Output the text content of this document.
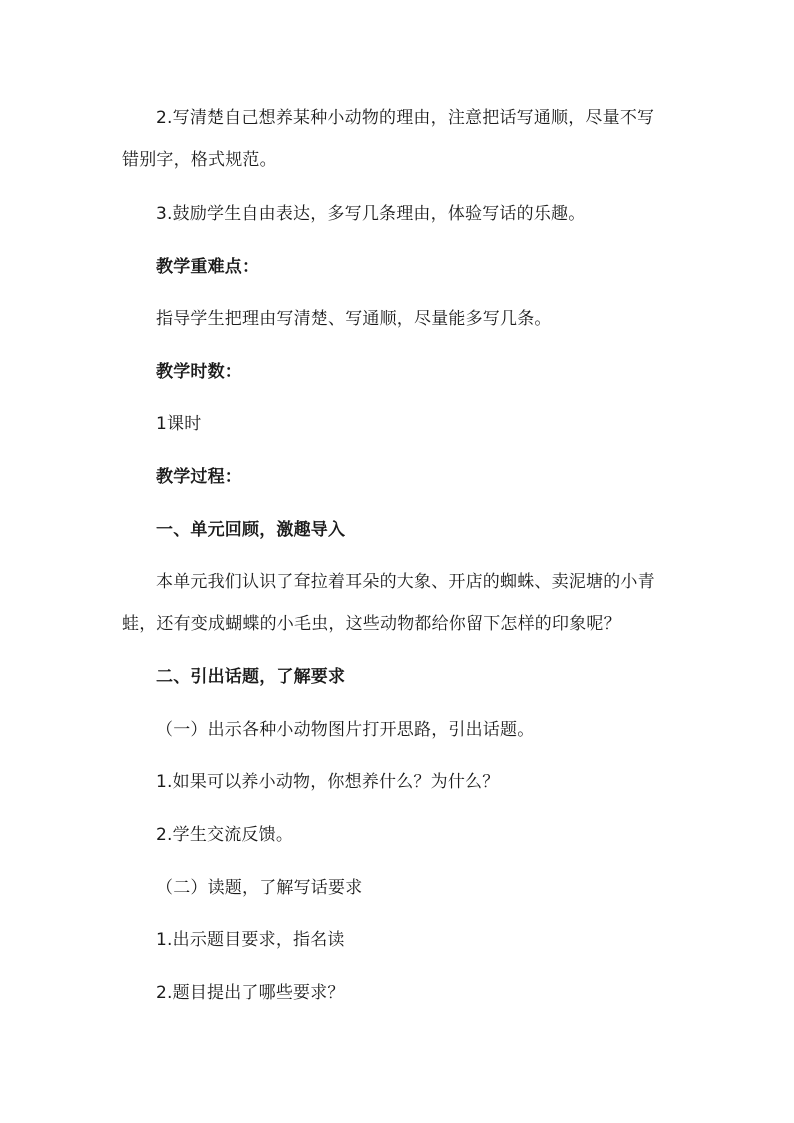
2.写清楚自己想养某种小动物的理由，注意把话写通顺，尽量不写
错别字，格式规范。
3.鼓励学生自由表达，多写几条理由，体验写话的乐趣。
教学重难点：
指导学生把理由写清楚、写通顺，尽量能多写几条。
教学时数：
1课时
教学过程：
一、单元回顾，激趣导入
本单元我们认识了耷拉着耳朵的大象、开店的蜘蛛、卖泥塘的小青
蛙，还有变成蝴蝶的小毛虫，这些动物都给你留下怎样的印象呢？
二、引出话题，了解要求
（一）出示各种小动物图片打开思路，引出话题。
1.如果可以养小动物，你想养什么？为什么？
2.学生交流反馈。
（二）读题，了解写话要求
1.出示题目要求，指名读
2.题目提出了哪些要求？
